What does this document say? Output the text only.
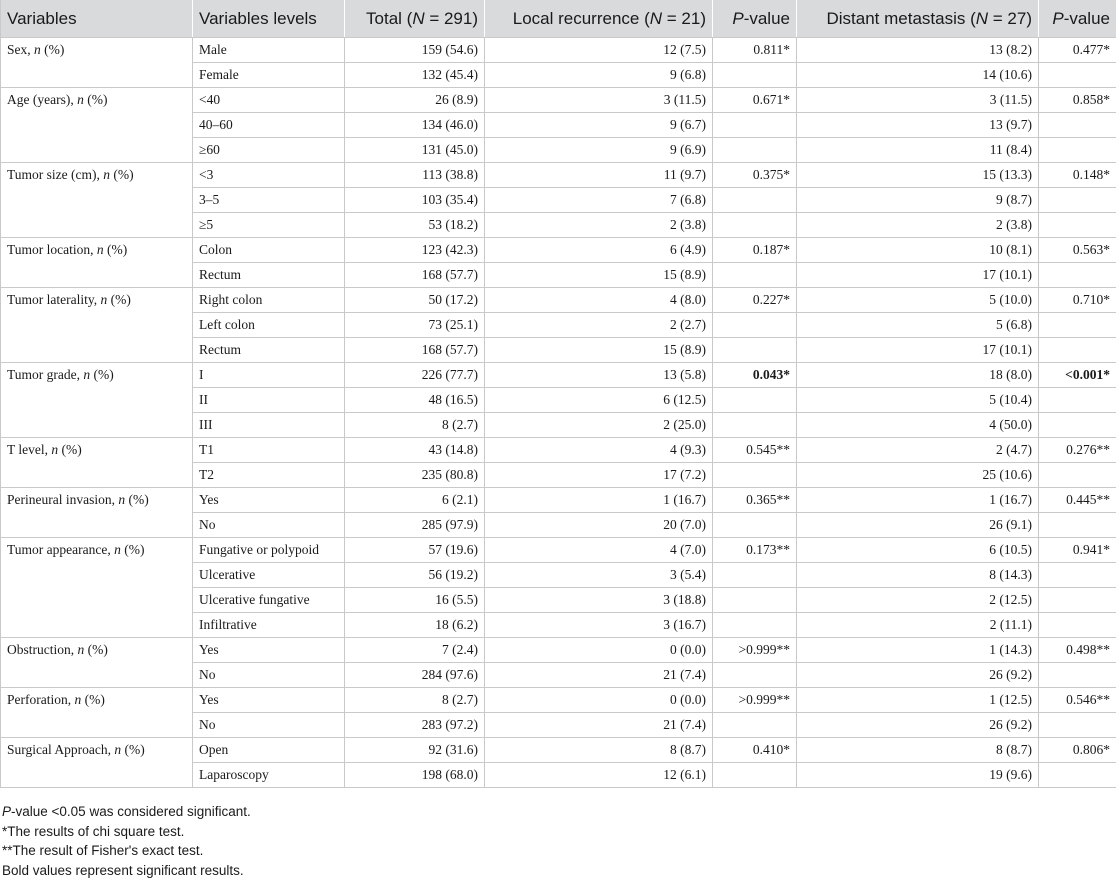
Variables	Variables levels	Total (N = 291)	Local recurrence (N = 21)	P-value	Distant metastasis (N = 27)	P-value
Sex, n (%)	Male	159 (54.6)	12 (7.5)	0.811*	13 (8.2)	0.477*
	Female	132 (45.4)	9 (6.8)		14 (10.6)	
Age (years), n (%)	<40	26 (8.9)	3 (11.5)	0.671*	3 (11.5)	0.858*
	40–60	134 (46.0)	9 (6.7)		13 (9.7)	
	≥60	131 (45.0)	9 (6.9)		11 (8.4)	
Tumor size (cm), n (%)	<3	113 (38.8)	11 (9.7)	0.375*	15 (13.3)	0.148*
	3–5	103 (35.4)	7 (6.8)		9 (8.7)	
	≥5	53 (18.2)	2 (3.8)		2 (3.8)	
Tumor location, n (%)	Colon	123 (42.3)	6 (4.9)	0.187*	10 (8.1)	0.563*
	Rectum	168 (57.7)	15 (8.9)		17 (10.1)	
Tumor laterality, n (%)	Right colon	50 (17.2)	4 (8.0)	0.227*	5 (10.0)	0.710*
	Left colon	73 (25.1)	2 (2.7)		5 (6.8)	
	Rectum	168 (57.7)	15 (8.9)		17 (10.1)	
Tumor grade, n (%)	I	226 (77.7)	13 (5.8)	0.043*	18 (8.0)	<0.001*
	II	48 (16.5)	6 (12.5)		5 (10.4)	
	III	8 (2.7)	2 (25.0)		4 (50.0)	
T level, n (%)	T1	43 (14.8)	4 (9.3)	0.545**	2 (4.7)	0.276**
	T2	235 (80.8)	17 (7.2)		25 (10.6)	
Perineural invasion, n (%)	Yes	6 (2.1)	1 (16.7)	0.365**	1 (16.7)	0.445**
	No	285 (97.9)	20 (7.0)		26 (9.1)	
Tumor appearance, n (%)	Fungative or polypoid	57 (19.6)	4 (7.0)	0.173**	6 (10.5)	0.941*
	Ulcerative	56 (19.2)	3 (5.4)		8 (14.3)	
	Ulcerative fungative	16 (5.5)	3 (18.8)		2 (12.5)	
	Infiltrative	18 (6.2)	3 (16.7)		2 (11.1)	
Obstruction, n (%)	Yes	7 (2.4)	0 (0.0)	>0.999**	1 (14.3)	0.498**
	No	284 (97.6)	21 (7.4)		26 (9.2)	
Perforation, n (%)	Yes	8 (2.7)	0 (0.0)	>0.999**	1 (12.5)	0.546**
	No	283 (97.2)	21 (7.4)		26 (9.2)	
Surgical Approach, n (%)	Open	92 (31.6)	8 (8.7)	0.410*	8 (8.7)	0.806*
	Laparoscopy	198 (68.0)	12 (6.1)		19 (9.6)	
P-value <0.05 was considered significant.
*The results of chi square test.
**The result of Fisher's exact test.
Bold values represent significant results.
